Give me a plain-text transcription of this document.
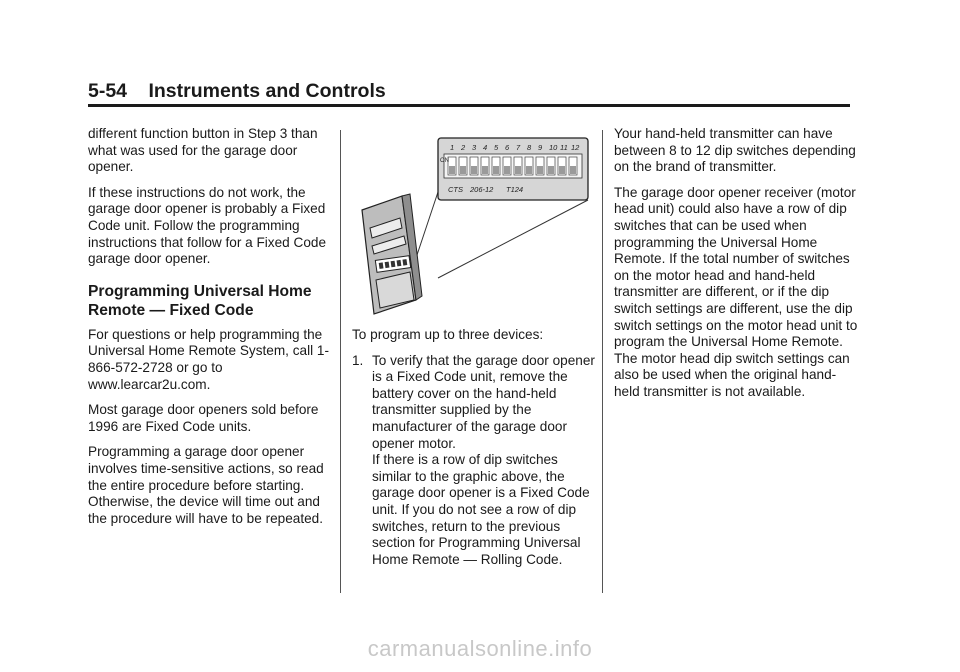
5-54 Instruments and Controls

different function button in Step 3 than what was used for the garage door opener.

If these instructions do not work, the garage door opener is probably a Fixed Code unit. Follow the programming instructions that follow for a Fixed Code garage door opener.

Programming Universal Home Remote — Fixed Code

For questions or help programming the Universal Home Remote System, call 1-866-572-2728 or go to www.learcar2u.com.

Most garage door openers sold before 1996 are Fixed Code units.

Programming a garage door opener involves time-sensitive actions, so read the entire procedure before starting. Otherwise, the device will time out and the procedure will have to be repeated.

1 2 3 4 5 6 7 8 9 10 11 12
ON
CTS 206-12 T124

To program up to three devices:

1. To verify that the garage door opener is a Fixed Code unit, remove the battery cover on the hand-held transmitter supplied by the manufacturer of the garage door opener motor.
If there is a row of dip switches similar to the graphic above, the garage door opener is a Fixed Code unit. If you do not see a row of dip switches, return to the previous section for Programming Universal Home Remote — Rolling Code.

Your hand-held transmitter can have between 8 to 12 dip switches depending on the brand of transmitter.

The garage door opener receiver (motor head unit) could also have a row of dip switches that can be used when programming the Universal Home Remote. If the total number of switches on the motor head and hand-held transmitter are different, or if the dip switch settings are different, use the dip switch settings on the motor head unit to program the Universal Home Remote. The motor head dip switch settings can also be used when the original hand-held transmitter is not available.

carmanualsonline.info
